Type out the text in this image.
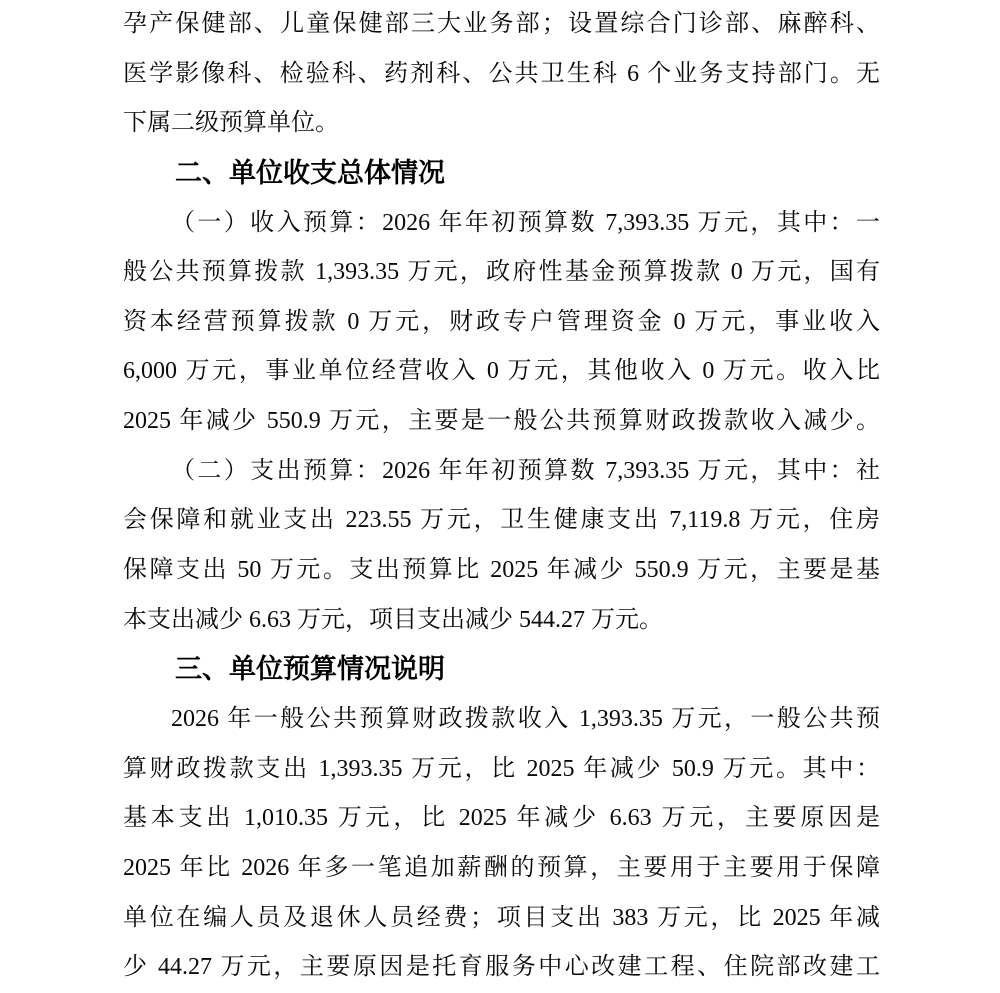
孕产保健部、儿童保健部三大业务部；设置综合门诊部、麻醉科、
医学影像科、检验科、药剂科、公共卫生科 6 个业务支持部门。无
下属二级预算单位。
二、单位收支总体情况
（一）收入预算：2026 年年初预算数 7,393.35 万元，其中：一
般公共预算拨款 1,393.35 万元，政府性基金预算拨款 0 万元，国有
资本经营预算拨款 0 万元，财政专户管理资金 0 万元，事业收入
6,000 万元，事业单位经营收入 0 万元，其他收入 0 万元。收入比
2025 年减少 550.9 万元，主要是一般公共预算财政拨款收入减少。
（二）支出预算：2026 年年初预算数 7,393.35 万元，其中：社
会保障和就业支出 223.55 万元，卫生健康支出 7,119.8 万元，住房
保障支出 50 万元。支出预算比 2025 年减少 550.9 万元，主要是基
本支出减少 6.63 万元，项目支出减少 544.27 万元。
三、单位预算情况说明
2026 年一般公共预算财政拨款收入 1,393.35 万元，一般公共预
算财政拨款支出 1,393.35 万元，比 2025 年减少 50.9 万元。其中：
基本支出 1,010.35 万元，比 2025 年减少 6.63 万元，主要原因是
2025 年比 2026 年多一笔追加薪酬的预算，主要用于主要用于保障
单位在编人员及退休人员经费；项目支出 383 万元，比 2025 年减
少 44.27 万元，主要原因是托育服务中心改建工程、住院部改建工
